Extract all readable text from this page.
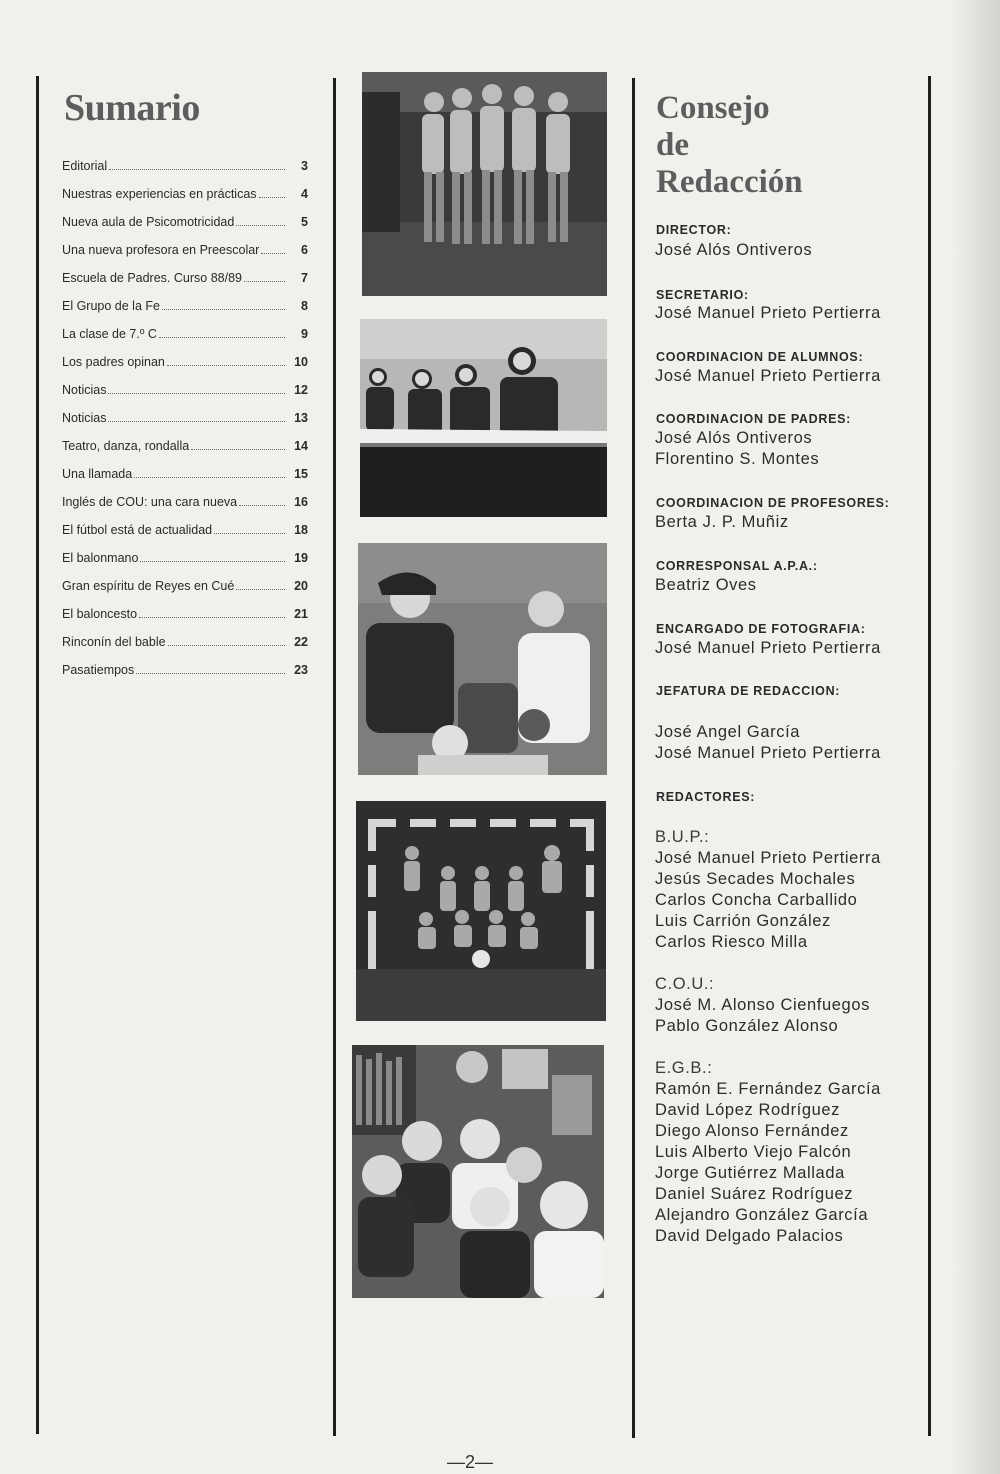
Sumario
Editorial	3
Nuestras experiencias en prácticas	4
Nueva aula de Psicomotricidad	5
Una nueva profesora en Preescolar	6
Escuela de Padres. Curso 88/89	7
El Grupo de la Fe	8
La clase de 7.º C	9
Los padres opinan	10
Noticias	12
Noticias	13
Teatro, danza, rondalla	14
Una llamada	15
Inglés de COU: una cara nueva	16
El fútbol está de actualidad	18
El balonmano	19
Gran espíritu de Reyes en Cué	20
El baloncesto	21
Rinconín del bable	22
Pasatiempos	23
Consejo
de
Redacción
DIRECTOR:
José Alós Ontiveros
SECRETARIO:
José Manuel Prieto Pertierra
COORDINACION DE ALUMNOS:
José Manuel Prieto Pertierra
COORDINACION DE PADRES:
José Alós Ontiveros
Florentino S. Montes
COORDINACION DE PROFESORES:
Berta J. P. Muñiz
CORRESPONSAL A.P.A.:
Beatriz Oves
ENCARGADO DE FOTOGRAFIA:
José Manuel Prieto Pertierra
JEFATURA DE REDACCION:
José Angel García
José Manuel Prieto Pertierra
REDACTORES:
B.U.P.:
José Manuel Prieto Pertierra
Jesús Secades Mochales
Carlos Concha Carballido
Luis Carrión González
Carlos Riesco Milla
C.O.U.:
José M. Alonso Cienfuegos
Pablo González Alonso
E.G.B.:
Ramón E. Fernández García
David López Rodríguez
Diego Alonso Fernández
Luis Alberto Viejo Falcón
Jorge Gutiérrez Mallada
Daniel Suárez Rodríguez
Alejandro González García
David Delgado Palacios
—2—
